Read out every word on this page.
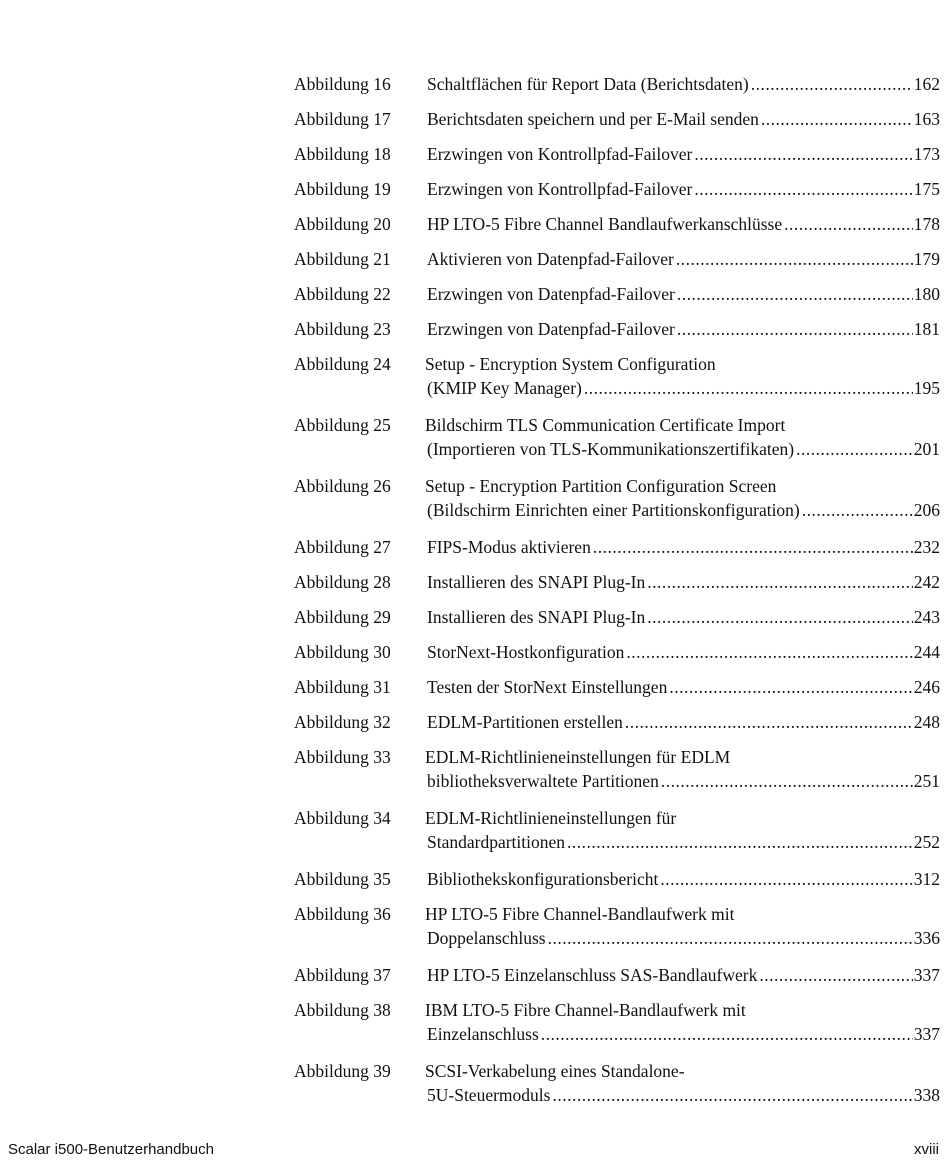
Abbildung 16 Schaltflächen für Report Data (Berichtsdaten) .....	162
Abbildung 17 Berichtsdaten speichern und per E-Mail senden .....	163
Abbildung 18 Erzwingen von Kontrollpfad-Failover .....	173
Abbildung 19 Erzwingen von Kontrollpfad-Failover .....	175
Abbildung 20 HP LTO-5 Fibre Channel Bandlaufwerkanschlüsse .....	178
Abbildung 21 Aktivieren von Datenpfad-Failover .....	179
Abbildung 22 Erzwingen von Datenpfad-Failover .....	180
Abbildung 23 Erzwingen von Datenpfad-Failover .....	181
Abbildung 24 Setup - Encryption System Configuration
(KMIP Key Manager) .....	195
Abbildung 25 Bildschirm TLS Communication Certificate Import
(Importieren von TLS-Kommunikationszertifikaten) .....	201
Abbildung 26 Setup - Encryption Partition Configuration Screen
(Bildschirm Einrichten einer Partitionskonfiguration) .....	206
Abbildung 27 FIPS-Modus aktivieren .....	232
Abbildung 28 Installieren des SNAPI Plug-In .....	242
Abbildung 29 Installieren des SNAPI Plug-In .....	243
Abbildung 30 StorNext-Hostkonfiguration .....	244
Abbildung 31 Testen der StorNext Einstellungen .....	246
Abbildung 32 EDLM-Partitionen erstellen .....	248
Abbildung 33 EDLM-Richtlinieneinstellungen für EDLM
bibliotheksverwaltete Partitionen .....	251
Abbildung 34 EDLM-Richtlinieneinstellungen für
Standardpartitionen .....	252
Abbildung 35 Bibliothekskonfigurationsbericht .....	312
Abbildung 36 HP LTO-5 Fibre Channel-Bandlaufwerk mit
Doppelanschluss .....	336
Abbildung 37 HP LTO-5 Einzelanschluss SAS-Bandlaufwerk .....	337
Abbildung 38 IBM LTO-5 Fibre Channel-Bandlaufwerk mit
Einzelanschluss .....	337
Abbildung 39 SCSI-Verkabelung eines Standalone-
5U-Steuermoduls .....	338
Scalar i500-Benutzerhandbuch	xviii
